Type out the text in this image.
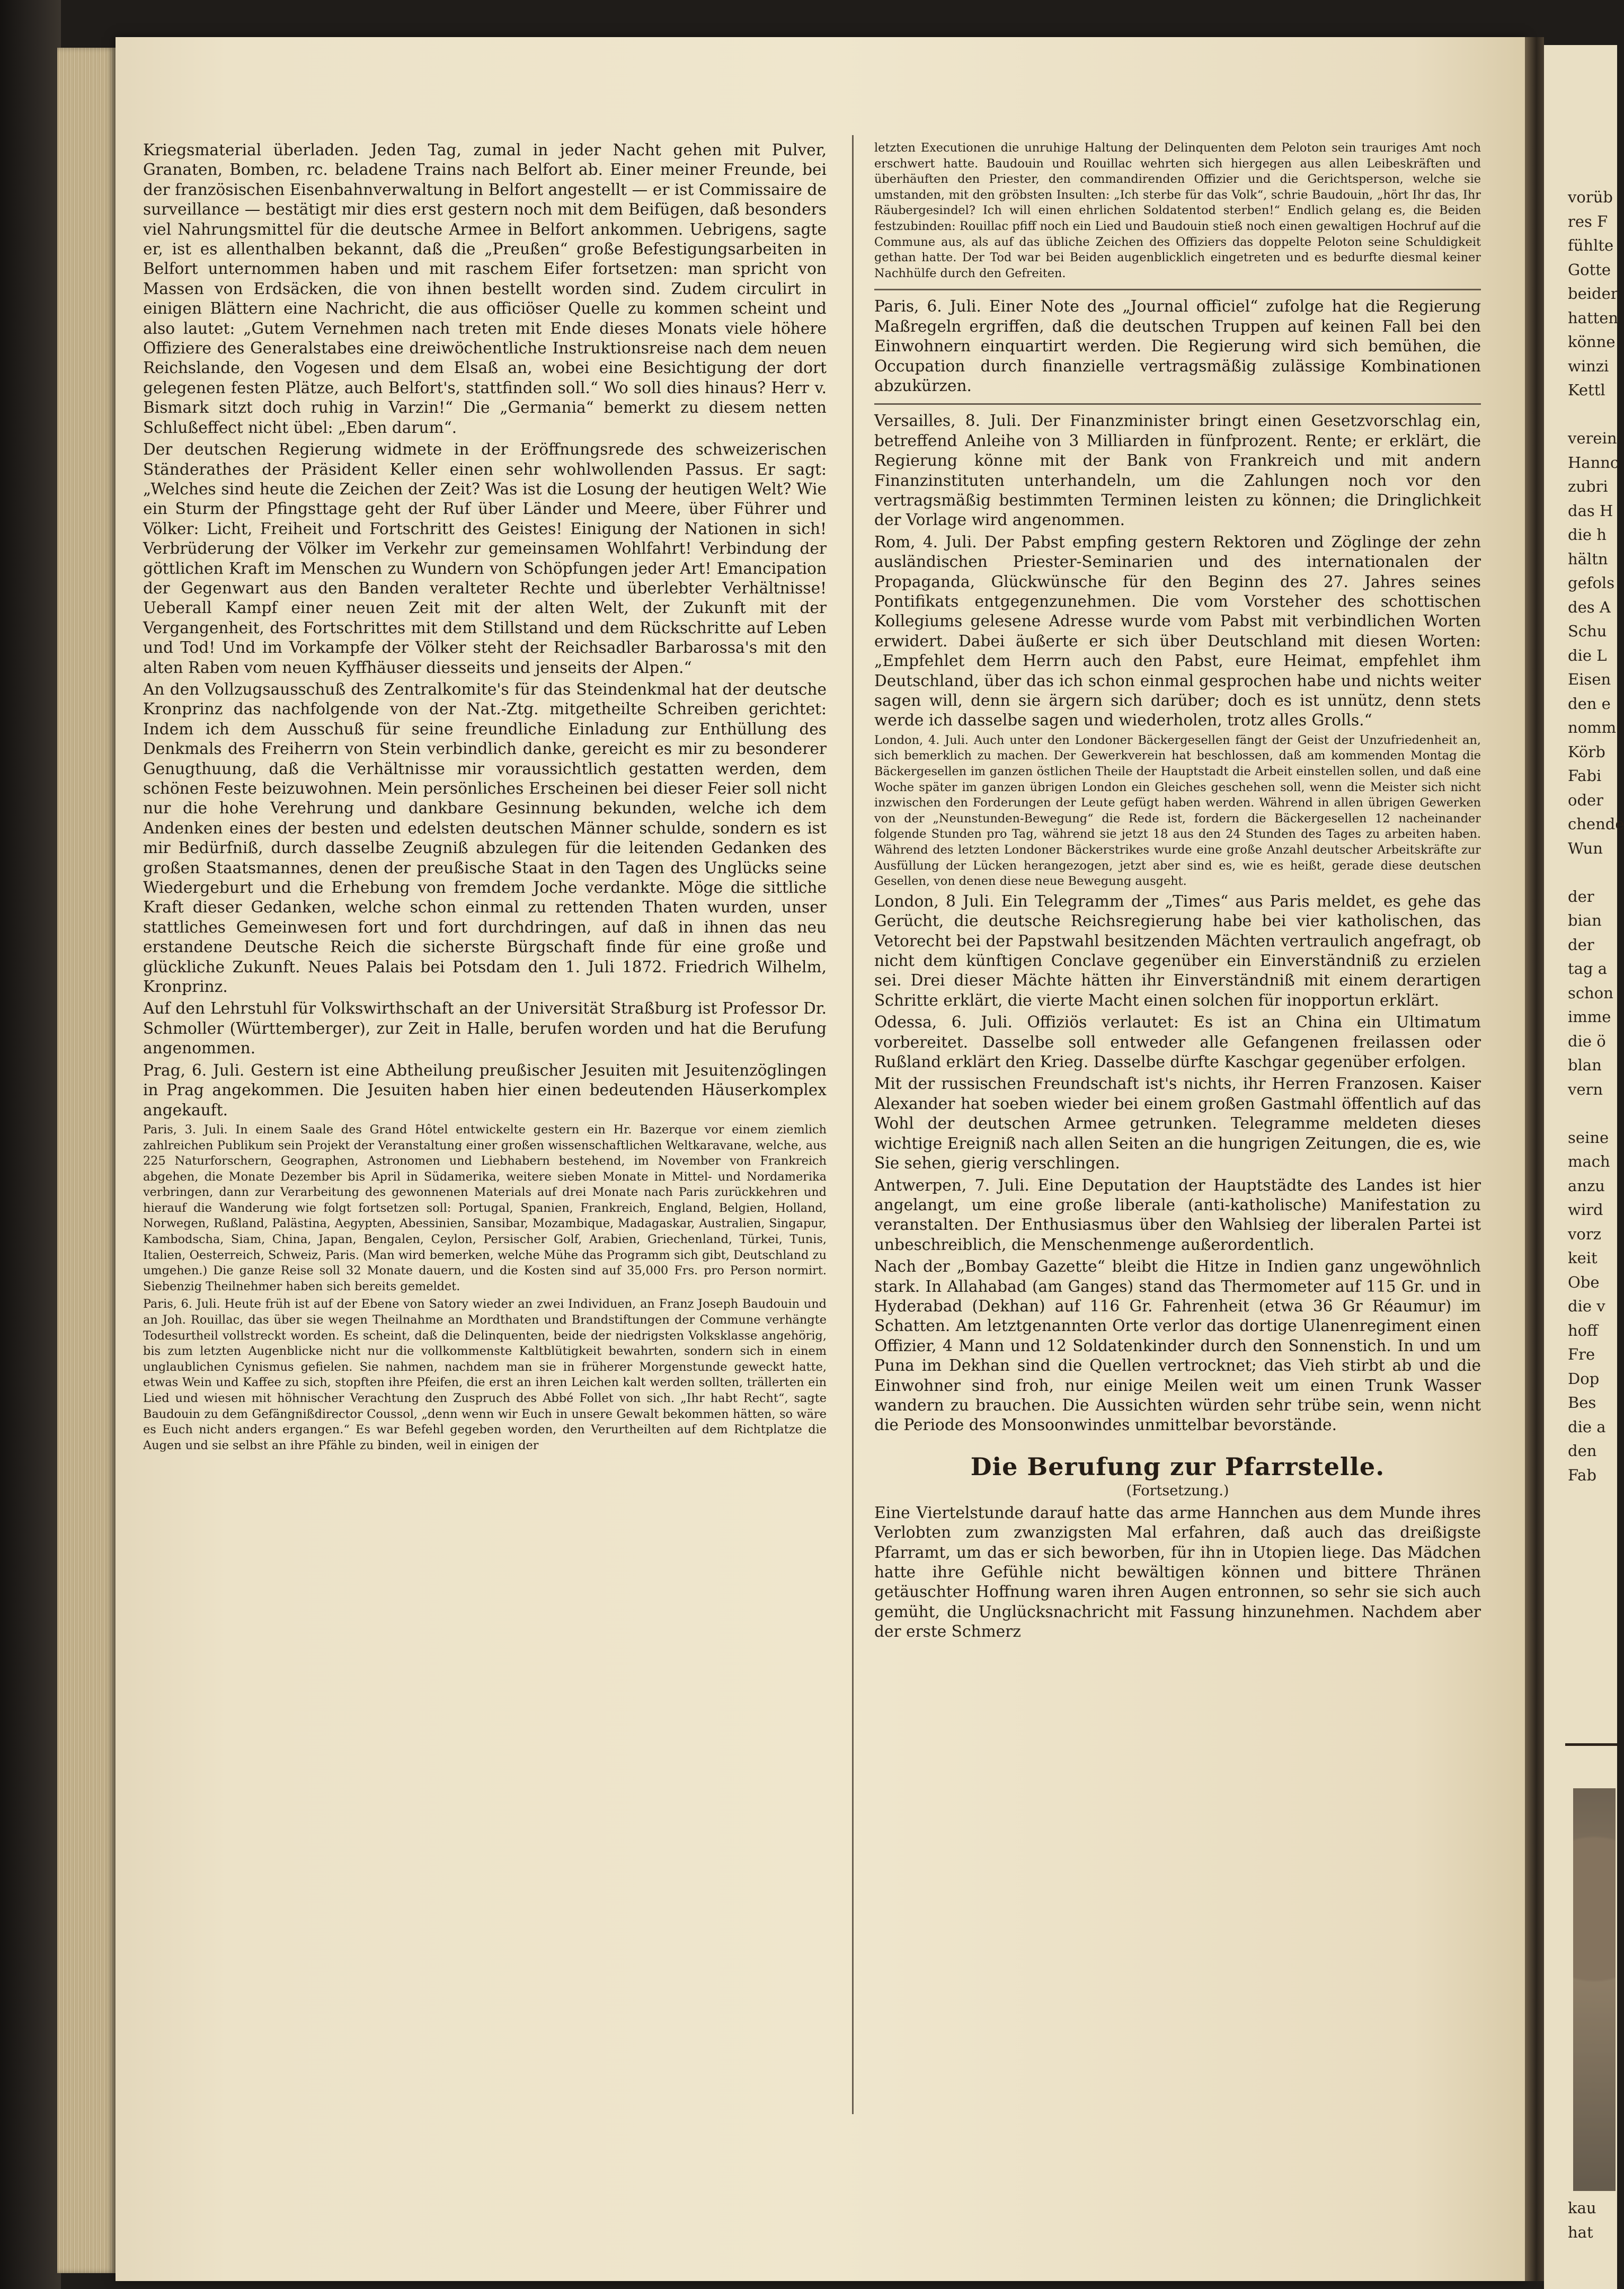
Kriegsmaterial überladen. Jeden Tag, zumal in jeder Nacht gehen mit Pulver, Granaten, Bomben, rc. beladene Trains nach Belfort ab. Einer meiner Freunde, bei der französischen Eisenbahnverwaltung in Belfort angestellt — er ist Commissaire de surveillance — bestätigt mir dies erst gestern noch mit dem Beifügen, daß besonders viel Nahrungsmittel für die deutsche Armee in Belfort ankommen. Uebrigens, sagte er, ist es allenthalben bekannt, daß die „Preußen“ große Befestigungsarbeiten in Belfort unternommen haben und mit raschem Eifer fortsetzen: man spricht von Massen von Erdsäcken, die von ihnen bestellt worden sind. Zudem circulirt in einigen Blättern eine Nachricht, die aus officiöser Quelle zu kommen scheint und also lautet: „Gutem Vernehmen nach treten mit Ende dieses Monats viele höhere Offiziere des Generalstabes eine dreiwöchentliche Instruktionsreise nach dem neuen Reichslande, den Vogesen und dem Elsaß an, wobei eine Besichtigung der dort gelegenen festen Plätze, auch Belfort's, stattfinden soll.“ Wo soll dies hinaus? Herr v. Bismark sitzt doch ruhig in Varzin!“ Die „Germania“ bemerkt zu diesem netten Schlußeffect nicht übel: „Eben darum“.

Der deutschen Regierung widmete in der Eröffnungsrede des schweizerischen Ständerathes der Präsident Keller einen sehr wohlwollenden Passus. Er sagt: „Welches sind heute die Zeichen der Zeit? Was ist die Losung der heutigen Welt? Wie ein Sturm der Pfingsttage geht der Ruf über Länder und Meere, über Führer und Völker: Licht, Freiheit und Fortschritt des Geistes! Einigung der Nationen in sich! Verbrüderung der Völker im Verkehr zur gemeinsamen Wohlfahrt! Verbindung der göttlichen Kraft im Menschen zu Wundern von Schöpfungen jeder Art! Emancipation der Gegenwart aus den Banden veralteter Rechte und überlebter Verhältnisse! Ueberall Kampf einer neuen Zeit mit der alten Welt, der Zukunft mit der Vergangenheit, des Fortschrittes mit dem Stillstand und dem Rückschritte auf Leben und Tod! Und im Vorkampfe der Völker steht der Reichsadler Barbarossa's mit den alten Raben vom neuen Kyffhäuser diesseits und jenseits der Alpen.“

An den Vollzugsausschuß des Zentralkomite's für das Steindenkmal hat der deutsche Kronprinz das nachfolgende von der Nat.-Ztg. mitgetheilte Schreiben gerichtet: Indem ich dem Ausschuß für seine freundliche Einladung zur Enthüllung des Denkmals des Freiherrn von Stein verbindlich danke, gereicht es mir zu besonderer Genugthuung, daß die Verhältnisse mir voraussichtlich gestatten werden, dem schönen Feste beizuwohnen. Mein persönliches Erscheinen bei dieser Feier soll nicht nur die hohe Verehrung und dankbare Gesinnung bekunden, welche ich dem Andenken eines der besten und edelsten deutschen Männer schulde, sondern es ist mir Bedürfniß, durch dasselbe Zeugniß abzulegen für die leitenden Gedanken des großen Staatsmannes, denen der preußische Staat in den Tagen des Unglücks seine Wiedergeburt und die Erhebung von fremdem Joche verdankte. Möge die sittliche Kraft dieser Gedanken, welche schon einmal zu rettenden Thaten wurden, unser stattliches Gemeinwesen fort und fort durchdringen, auf daß in ihnen das neu erstandene Deutsche Reich die sicherste Bürgschaft finde für eine große und glückliche Zukunft. Neues Palais bei Potsdam den 1. Juli 1872. Friedrich Wilhelm, Kronprinz.

Auf den Lehrstuhl für Volkswirthschaft an der Universität Straßburg ist Professor Dr. Schmoller (Württemberger), zur Zeit in Halle, berufen worden und hat die Berufung angenommen.

Prag, 6. Juli. Gestern ist eine Abtheilung preußischer Jesuiten mit Jesuitenzöglingen in Prag angekommen. Die Jesuiten haben hier einen bedeutenden Häuserkomplex angekauft.

Paris, 3. Juli. In einem Saale des Grand Hôtel entwickelte gestern ein Hr. Bazerque vor einem ziemlich zahlreichen Publikum sein Projekt der Veranstaltung einer großen wissenschaftlichen Weltkaravane, welche, aus 225 Naturforschern, Geographen, Astronomen und Liebhabern bestehend, im November von Frankreich abgehen, die Monate Dezember bis April in Südamerika, weitere sieben Monate in Mittel- und Nordamerika verbringen, dann zur Verarbeitung des gewonnenen Materials auf drei Monate nach Paris zurückkehren und hierauf die Wanderung wie folgt fortsetzen soll: Portugal, Spanien, Frankreich, England, Belgien, Holland, Norwegen, Rußland, Palästina, Aegypten, Abessinien, Sansibar, Mozambique, Madagaskar, Australien, Singapur, Kambodscha, Siam, China, Japan, Bengalen, Ceylon, Persischer Golf, Arabien, Griechenland, Türkei, Tunis, Italien, Oesterreich, Schweiz, Paris. (Man wird bemerken, welche Mühe das Programm sich gibt, Deutschland zu umgehen.) Die ganze Reise soll 32 Monate dauern, und die Kosten sind auf 35,000 Frs. pro Person normirt. Siebenzig Theilnehmer haben sich bereits gemeldet.

Paris, 6. Juli. Heute früh ist auf der Ebene von Satory wieder an zwei Individuen, an Franz Joseph Baudouin und an Joh. Rouillac, das über sie wegen Theilnahme an Mordthaten und Brandstiftungen der Commune verhängte Todesurtheil vollstreckt worden. Es scheint, daß die Delinquenten, beide der niedrigsten Volksklasse angehörig, bis zum letzten Augenblicke nicht nur die vollkommenste Kaltblütigkeit bewahrten, sondern sich in einem unglaublichen Cynismus gefielen. Sie nahmen, nachdem man sie in früherer Morgenstunde geweckt hatte, etwas Wein und Kaffee zu sich, stopften ihre Pfeifen, die erst an ihren Leichen kalt werden sollten, trällerten ein Lied und wiesen mit höhnischer Verachtung den Zuspruch des Abbé Follet von sich. „Ihr habt Recht“, sagte Baudouin zu dem Gefängnißdirector Coussol, „denn wenn wir Euch in unsere Gewalt bekommen hätten, so wäre es Euch nicht anders ergangen.“ Es war Befehl gegeben worden, den Verurtheilten auf dem Richtplatze die Augen und sie selbst an ihre Pfähle zu binden, weil in einigen der

letzten Executionen die unruhige Haltung der Delinquenten dem Peloton sein trauriges Amt noch erschwert hatte. Baudouin und Rouillac wehrten sich hiergegen aus allen Leibeskräften und überhäuften den Priester, den commandirenden Offizier und die Gerichtsperson, welche sie umstanden, mit den gröbsten Insulten: „Ich sterbe für das Volk“, schrie Baudouin, „hört Ihr das, Ihr Räubergesindel? Ich will einen ehrlichen Soldatentod sterben!“ Endlich gelang es, die Beiden festzubinden: Rouillac pfiff noch ein Lied und Baudouin stieß noch einen gewaltigen Hochruf auf die Commune aus, als auf das übliche Zeichen des Offiziers das doppelte Peloton seine Schuldigkeit gethan hatte. Der Tod war bei Beiden augenblicklich eingetreten und es bedurfte diesmal keiner Nachhülfe durch den Gefreiten.

Paris, 6. Juli. Einer Note des „Journal officiel“ zufolge hat die Regierung Maßregeln ergriffen, daß die deutschen Truppen auf keinen Fall bei den Einwohnern einquartirt werden. Die Regierung wird sich bemühen, die Occupation durch finanzielle vertragsmäßig zulässige Kombinationen abzukürzen.

Versailles, 8. Juli. Der Finanzminister bringt einen Gesetzvorschlag ein, betreffend Anleihe von 3 Milliarden in fünfprozent. Rente; er erklärt, die Regierung könne mit der Bank von Frankreich und mit andern Finanzinstituten unterhandeln, um die Zahlungen noch vor den vertragsmäßig bestimmten Terminen leisten zu können; die Dringlichkeit der Vorlage wird angenommen.

Rom, 4. Juli. Der Pabst empfing gestern Rektoren und Zöglinge der zehn ausländischen Priester-Seminarien und des internationalen der Propaganda, Glückwünsche für den Beginn des 27. Jahres seines Pontifikats entgegenzunehmen. Die vom Vorsteher des schottischen Kollegiums gelesene Adresse wurde vom Pabst mit verbindlichen Worten erwidert. Dabei äußerte er sich über Deutschland mit diesen Worten: „Empfehlet dem Herrn auch den Pabst, eure Heimat, empfehlet ihm Deutschland, über das ich schon einmal gesprochen habe und nichts weiter sagen will, denn sie ärgern sich darüber; doch es ist unnütz, denn stets werde ich dasselbe sagen und wiederholen, trotz alles Grolls.“

London, 4. Juli. Auch unter den Londoner Bäckergesellen fängt der Geist der Unzufriedenheit an, sich bemerklich zu machen. Der Gewerkverein hat beschlossen, daß am kommenden Montag die Bäckergesellen im ganzen östlichen Theile der Hauptstadt die Arbeit einstellen sollen, und daß eine Woche später im ganzen übrigen London ein Gleiches geschehen soll, wenn die Meister sich nicht inzwischen den Forderungen der Leute gefügt haben werden. Während in allen übrigen Gewerken von der „Neunstunden-Bewegung“ die Rede ist, fordern die Bäckergesellen 12 nacheinander folgende Stunden pro Tag, während sie jetzt 18 aus den 24 Stunden des Tages zu arbeiten haben. Während des letzten Londoner Bäckerstrikes wurde eine große Anzahl deutscher Arbeitskräfte zur Ausfüllung der Lücken herangezogen, jetzt aber sind es, wie es heißt, gerade diese deutschen Gesellen, von denen diese neue Bewegung ausgeht.

London, 8 Juli. Ein Telegramm der „Times“ aus Paris meldet, es gehe das Gerücht, die deutsche Reichsregierung habe bei vier katholischen, das Vetorecht bei der Papstwahl besitzenden Mächten vertraulich angefragt, ob nicht dem künftigen Conclave gegenüber ein Einverständniß zu erzielen sei. Drei dieser Mächte hätten ihr Einverständniß mit einem derartigen Schritte erklärt, die vierte Macht einen solchen für inopportun erklärt.

Odessa, 6. Juli. Offiziös verlautet: Es ist an China ein Ultimatum vorbereitet. Dasselbe soll entweder alle Gefangenen freilassen oder Rußland erklärt den Krieg. Dasselbe dürfte Kaschgar gegenüber erfolgen.

Mit der russischen Freundschaft ist's nichts, ihr Herren Franzosen. Kaiser Alexander hat soeben wieder bei einem großen Gastmahl öffentlich auf das Wohl der deutschen Armee getrunken. Telegramme meldeten dieses wichtige Ereigniß nach allen Seiten an die hungrigen Zeitungen, die es, wie Sie sehen, gierig verschlingen.

Antwerpen, 7. Juli. Eine Deputation der Hauptstädte des Landes ist hier angelangt, um eine große liberale (anti-katholische) Manifestation zu veranstalten. Der Enthusiasmus über den Wahlsieg der liberalen Partei ist unbeschreiblich, die Menschenmenge außerordentlich.

Nach der „Bombay Gazette“ bleibt die Hitze in Indien ganz ungewöhnlich stark. In Allahabad (am Ganges) stand das Thermometer auf 115 Gr. und in Hyderabad (Dekhan) auf 116 Gr. Fahrenheit (etwa 36 Gr Réaumur) im Schatten. Am letztgenannten Orte verlor das dortige Ulanenregiment einen Offizier, 4 Mann und 12 Soldatenkinder durch den Sonnenstich. In und um Puna im Dekhan sind die Quellen vertrocknet; das Vieh stirbt ab und die Einwohner sind froh, nur einige Meilen weit um einen Trunk Wasser wandern zu brauchen. Die Aussichten würden sehr trübe sein, wenn nicht die Periode des Monsoonwindes unmittelbar bevorstände.

Die Berufung zur Pfarrstelle.
(Fortsetzung.)

Eine Viertelstunde darauf hatte das arme Hannchen aus dem Munde ihres Verlobten zum zwanzigsten Mal erfahren, daß auch das dreißigste Pfarramt, um das er sich beworben, für ihn in Utopien liege. Das Mädchen hatte ihre Gefühle nicht bewältigen können und bittere Thränen getäuschter Hoffnung waren ihren Augen entronnen, so sehr sie sich auch gemüht, die Unglücksnachricht mit Fassung hinzunehmen. Nachdem aber der erste Schmerz

vorüb
res F
fühlte
Gotte
beider
hatten
könne
winzi
Kettl

verein
Hannc
zubri
das H
die h
hältn
gefols
des A
Schu
die L
Eisen
den e
nomm
Körb
Fabi
oder
chende
Wun

der
bian
der
tag a
schon
imme
die ö
blan
vern

seine
mach
anzu
wird
vorz
keit
Obe
die v
hoff
Fre
Dop
Bes
die a
den
Fab
kau
hat
